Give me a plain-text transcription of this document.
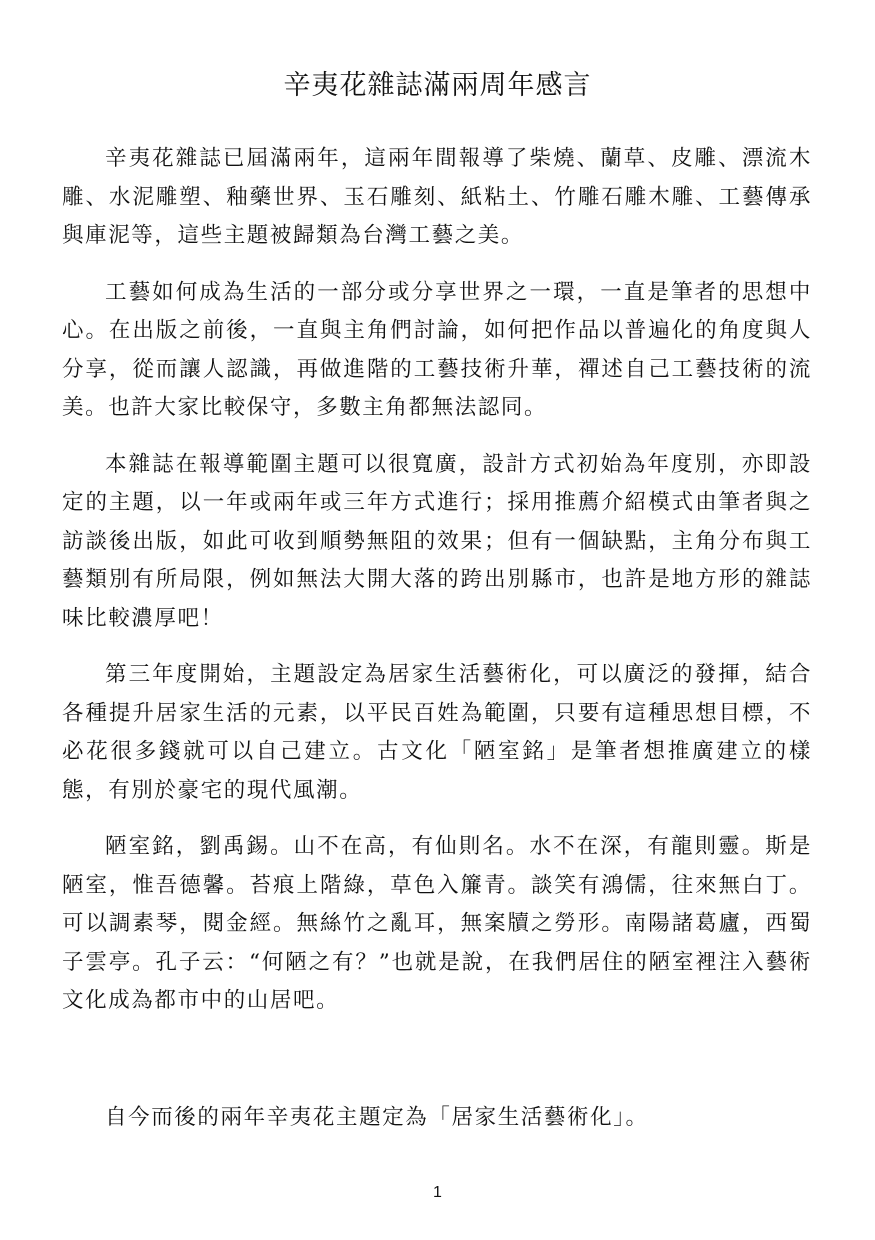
辛夷花雜誌滿兩周年感言

辛夷花雜誌已屆滿兩年，這兩年間報導了柴燒、蘭草、皮雕、漂流木雕、水泥雕塑、釉藥世界、玉石雕刻、紙粘土、竹雕石雕木雕、工藝傳承與庫泥等，這些主題被歸類為台灣工藝之美。

工藝如何成為生活的一部分或分享世界之一環，一直是筆者的思想中心。在出版之前後，一直與主角們討論，如何把作品以普遍化的角度與人分享，從而讓人認識，再做進階的工藝技術升華，禪述自己工藝技術的流美。也許大家比較保守，多數主角都無法認同。

本雜誌在報導範圍主題可以很寬廣，設計方式初始為年度別，亦即設定的主題，以一年或兩年或三年方式進行；採用推薦介紹模式由筆者與之訪談後出版，如此可收到順勢無阻的效果；但有一個缺點，主角分布與工藝類別有所局限，例如無法大開大落的跨出別縣市，也許是地方形的雜誌味比較濃厚吧！

第三年度開始，主題設定為居家生活藝術化，可以廣泛的發揮，結合各種提升居家生活的元素，以平民百姓為範圍，只要有這種思想目標，不必花很多錢就可以自己建立。古文化「陋室銘」是筆者想推廣建立的樣態，有別於豪宅的現代風潮。

陋室銘，劉禹錫。山不在高，有仙則名。水不在深，有龍則靈。斯是陋室，惟吾德馨。苔痕上階綠，草色入簾青。談笑有鴻儒，往來無白丁。可以調素琴，閱金經。無絲竹之亂耳，無案牘之勞形。南陽諸葛廬，西蜀子雲亭。孔子云：“何陋之有？”也就是說，在我們居住的陋室裡注入藝術文化成為都市中的山居吧。

自今而後的兩年辛夷花主題定為「居家生活藝術化」。

1
